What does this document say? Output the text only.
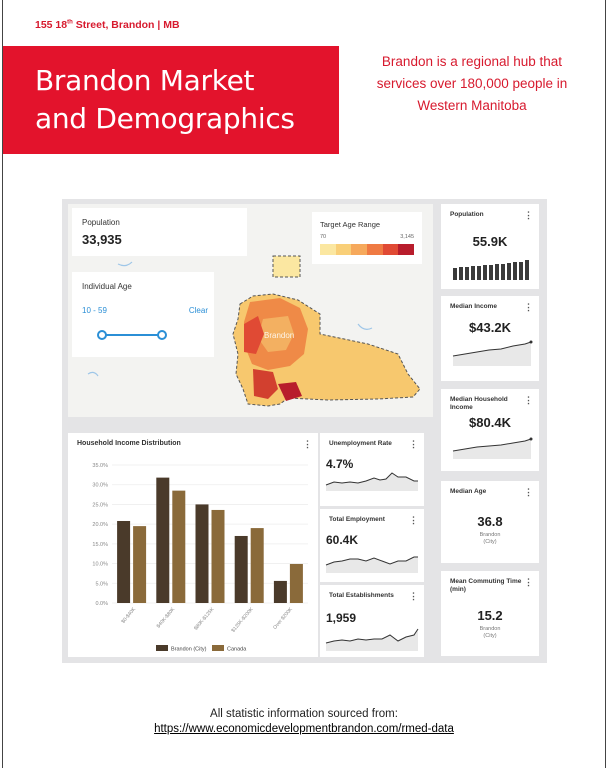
155 18th Street, Brandon | MB
Brandon Market
and Demographics
Brandon is a regional hub that services over 180,000 people in Western Manitoba
Brandon
Population
33,935
Target Age Range
70	3,145
Individual Age
10 - 59	Clear
Household Income Distribution	⋮
0.0%
5.0%
10.0%
15.0%
20.0%
25.0%
30.0%
35.0%
$0-$40K	$40K-$80K	$80K-$125K	$125K-$200K	Over $200K
Brandon (City)	Canada
Unemployment Rate ⋮
4.7%
Total Employment	⋮
60.4K
Total Establishments ⋮
1,959
Population	⋮
55.9K
Median Income	⋮
$43.2K
Median Household Income
⋮
$80.4K
Median Age	⋮
36.8
Brandon (City)
Mean Commuting Time (min)
⋮
15.2
Brandon (City)
All statistic information sourced from:
https://www.economicdevelopmentbrandon.com/rmed-data
